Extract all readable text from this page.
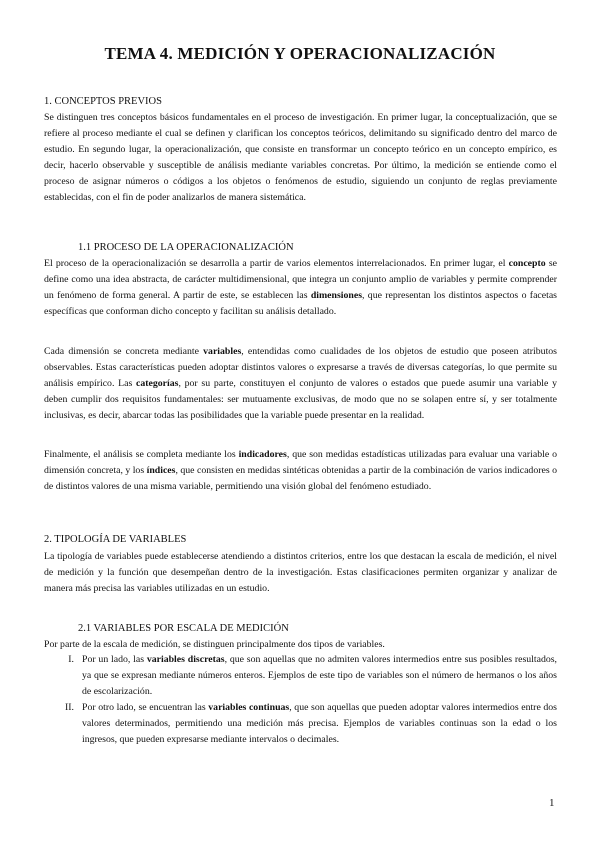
TEMA 4. MEDICIÓN Y OPERACIONALIZACIÓN
1. CONCEPTOS PREVIOS

Se distinguen tres conceptos básicos fundamentales en el proceso de investigación. En primer lugar, la conceptualización, que se refiere al proceso mediante el cual se definen y clarifican los conceptos teóricos, delimitando su significado dentro del marco de estudio. En segundo lugar, la operacionalización, que consiste en transformar un concepto teórico en un concepto empírico, es decir, hacerlo observable y susceptible de análisis mediante variables concretas. Por último, la medición se entiende como el proceso de asignar números o códigos a los objetos o fenómenos de estudio, siguiendo un conjunto de reglas previamente establecidas, con el fin de poder analizarlos de manera sistemática.

1.1 PROCESO DE LA OPERACIONALIZACIÓN

El proceso de la operacionalización se desarrolla a partir de varios elementos interrelacionados. En primer lugar, el concepto se define como una idea abstracta, de carácter multidimensional, que integra un conjunto amplio de variables y permite comprender un fenómeno de forma general. A partir de este, se establecen las dimensiones, que representan los distintos aspectos o facetas específicas que conforman dicho concepto y facilitan su análisis detallado.

Cada dimensión se concreta mediante variables, entendidas como cualidades de los objetos de estudio que poseen atributos observables. Estas características pueden adoptar distintos valores o expresarse a través de diversas categorías, lo que permite su análisis empírico. Las categorías, por su parte, constituyen el conjunto de valores o estados que puede asumir una variable y deben cumplir dos requisitos fundamentales: ser mutuamente exclusivas, de modo que no se solapen entre sí, y ser totalmente inclusivas, es decir, abarcar todas las posibilidades que la variable puede presentar en la realidad.

Finalmente, el análisis se completa mediante los indicadores, que son medidas estadísticas utilizadas para evaluar una variable o dimensión concreta, y los índices, que consisten en medidas sintéticas obtenidas a partir de la combinación de varios indicadores o de distintos valores de una misma variable, permitiendo una visión global del fenómeno estudiado.

2. TIPOLOGÍA DE VARIABLES

La tipología de variables puede establecerse atendiendo a distintos criterios, entre los que destacan la escala de medición, el nivel de medición y la función que desempeñan dentro de la investigación. Estas clasificaciones permiten organizar y analizar de manera más precisa las variables utilizadas en un estudio.

2.1 VARIABLES POR ESCALA DE MEDICIÓN

Por parte de la escala de medición, se distinguen principalmente dos tipos de variables.

I. Por un lado, las variables discretas, que son aquellas que no admiten valores intermedios entre sus posibles resultados, ya que se expresan mediante números enteros. Ejemplos de este tipo de variables son el número de hermanos o los años de escolarización.
II. Por otro lado, se encuentran las variables continuas, que son aquellas que pueden adoptar valores intermedios entre dos valores determinados, permitiendo una medición más precisa. Ejemplos de variables continuas son la edad o los ingresos, que pueden expresarse mediante intervalos o decimales.
1
